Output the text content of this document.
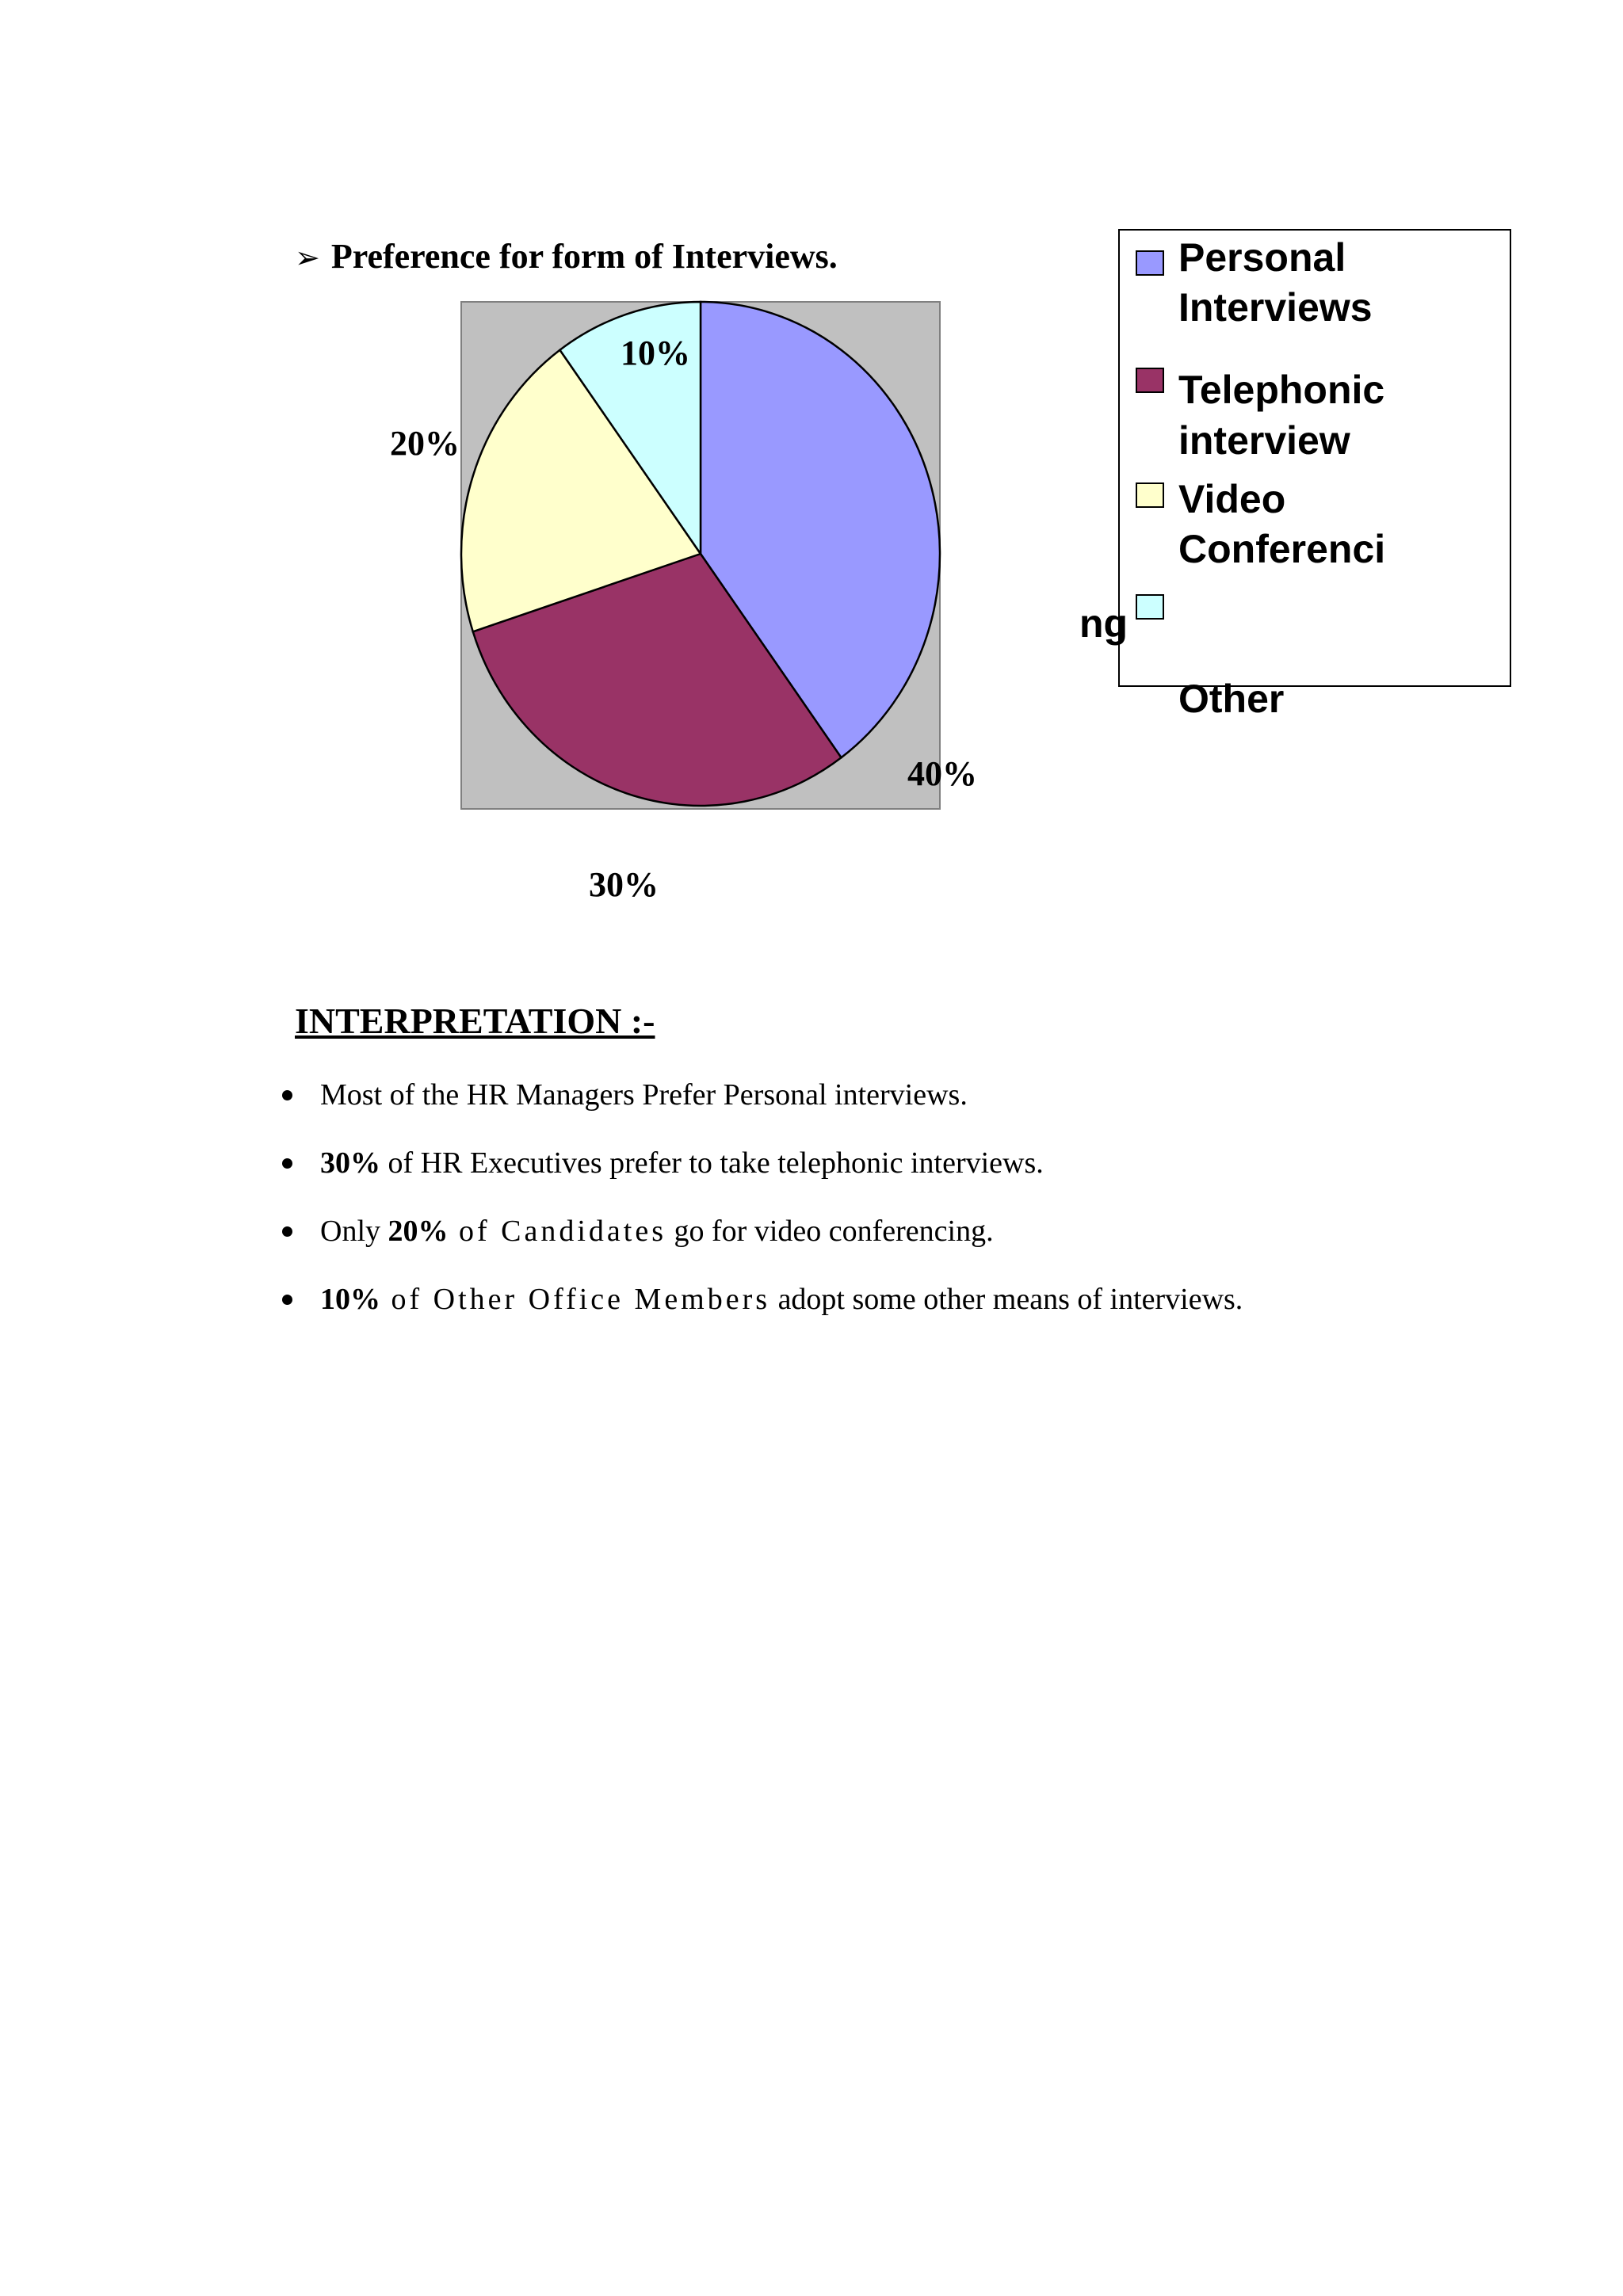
➢ Preference for form of Interviews.
40%
30%
20%
10%
Personal
Interviews
Telephonic
interview
Video
Conferenci
ng
Other
INTERPRETATION :-
Most of the HR Managers Prefer Personal interviews.
30% of HR Executives prefer to take telephonic interviews.
Only 20% of Candidates go for video conferencing.
10% of Other Office Members adopt some other means of interviews.
